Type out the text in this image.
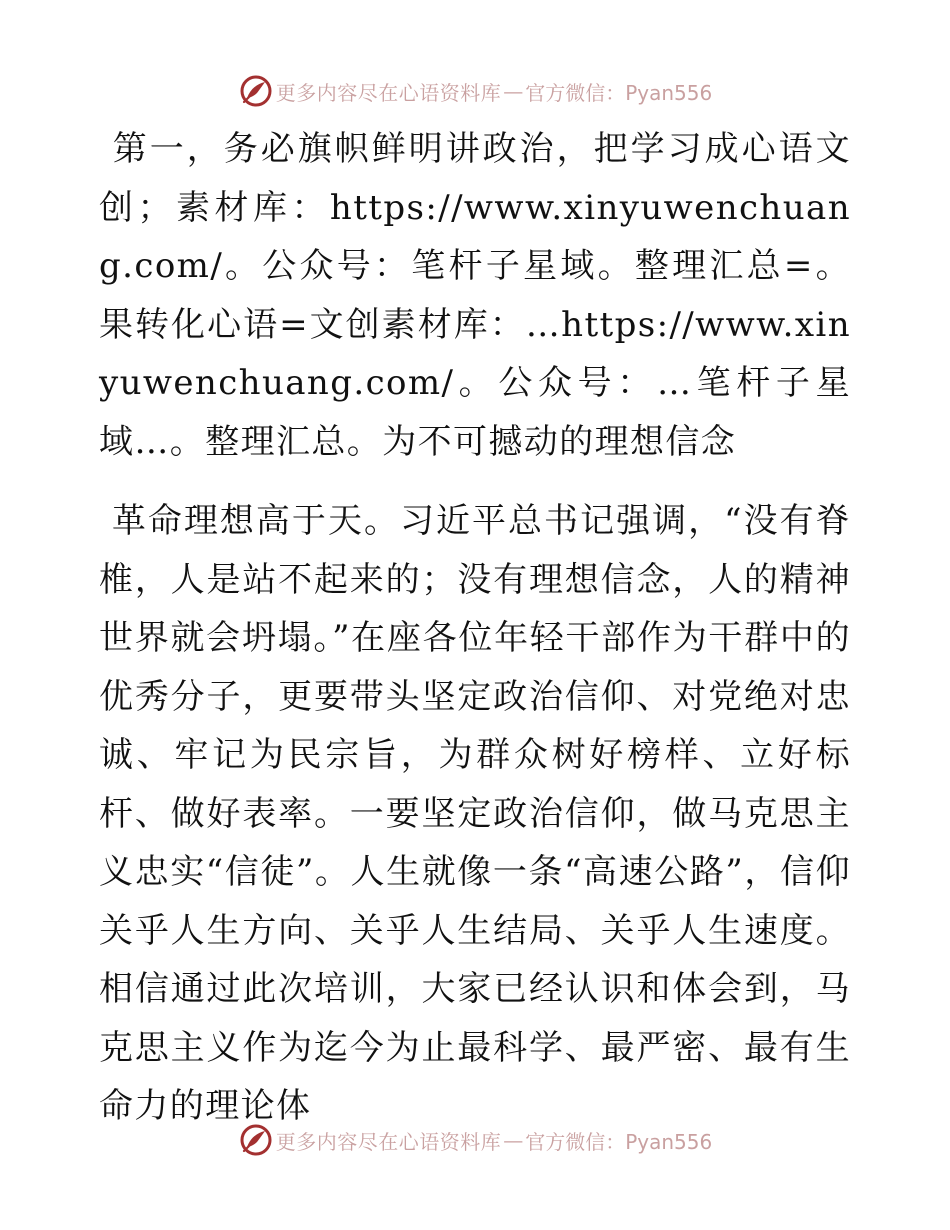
更多内容尽在心语资料库 — 官方微信：Pyan556

第一，务必旗帜鲜明讲政治，把学习成心语文创；素材库：https://www.xinyuwenchuang.com/。公众号：笔杆子星域。整理汇总=。果转化心语=文创素材库：…https://www.xinyuwenchuang.com/。公众号：…笔杆子星域…。整理汇总。为不可撼动的理想信念

革命理想高于天。习近平总书记强调，“没有脊椎，人是站不起来的；没有理想信念，人的精神世界就会坍塌。”在座各位年轻干部作为干群中的优秀分子，更要带头坚定政治信仰、对党绝对忠诚、牢记为民宗旨，为群众树好榜样、立好标杆、做好表率。一要坚定政治信仰，做马克思主义忠实“信徒”。人生就像一条“高速公路”，信仰关乎人生方向、关乎人生结局、关乎人生速度。相信通过此次培训，大家已经认识和体会到，马克思主义作为迄今为止最科学、最严密、最有生命力的理论体

更多内容尽在心语资料库 — 官方微信：Pyan556
